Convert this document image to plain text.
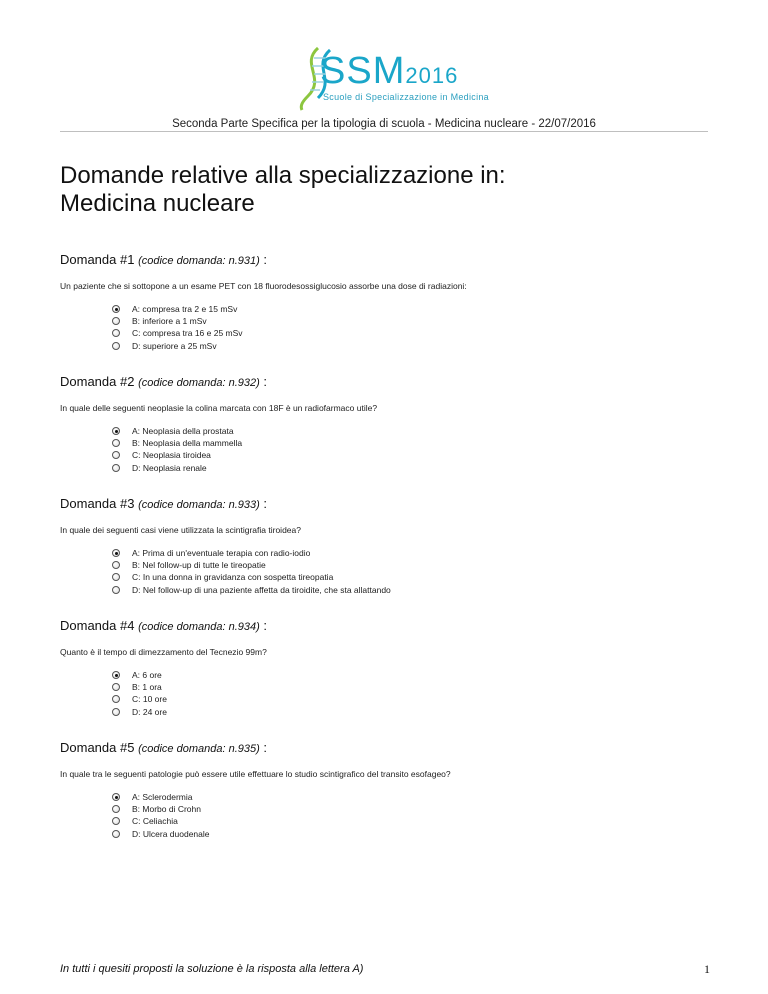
SSM2016
Scuole di Specializzazione in Medicina
Seconda Parte Specifica per la tipologia di scuola - Medicina nucleare - 22/07/2016
Domande relative alla specializzazione in:
Medicina nucleare
Domanda #1 (codice domanda: n.931) :
Un paziente che si sottopone a un esame PET con 18 fluorodesossiglucosio assorbe una dose di radiazioni:
A: compresa tra 2 e 15 mSv
B: inferiore a 1 mSv
C: compresa tra 16 e 25 mSv
D: superiore a 25 mSv
Domanda #2 (codice domanda: n.932) :
In quale delle seguenti neoplasie la colina marcata con 18F è un radiofarmaco utile?
A: Neoplasia della prostata
B: Neoplasia della mammella
C: Neoplasia tiroidea
D: Neoplasia renale
Domanda #3 (codice domanda: n.933) :
In quale dei seguenti casi viene utilizzata la scintigrafia tiroidea?
A: Prima di un'eventuale terapia con radio-iodio
B: Nel follow-up di tutte le tireopatie
C: In una donna in gravidanza con sospetta tireopatia
D: Nel follow-up di una paziente affetta da tiroidite, che sta allattando
Domanda #4 (codice domanda: n.934) :
Quanto è il tempo di dimezzamento del Tecnezio 99m?
A: 6 ore
B: 1 ora
C: 10 ore
D: 24 ore
Domanda #5 (codice domanda: n.935) :
In quale tra le seguenti patologie può essere utile effettuare lo studio scintigrafico del transito esofageo?
A: Sclerodermia
B: Morbo di Crohn
C: Celiachia
D: Ulcera duodenale
In tutti i quesiti proposti la soluzione è la risposta alla lettera A)	1
